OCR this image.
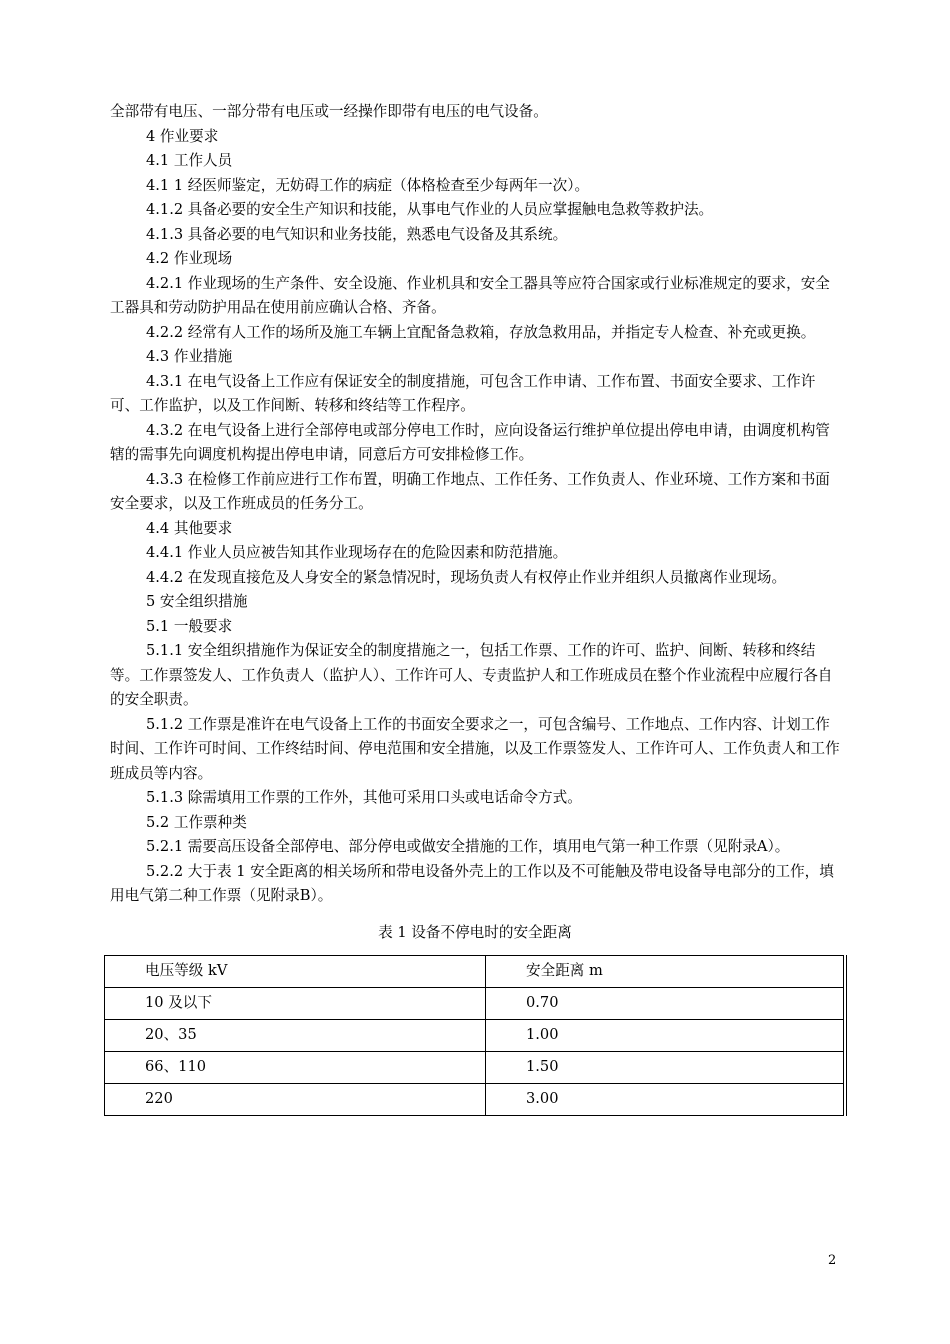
全部带有电压、一部分带有电压或一经操作即带有电压的电气设备。

4 作业要求

4.1 工作人员

4.1 1 经医师鉴定，无妨碍工作的病症（体格检查至少每两年一次）。

4.1.2 具备必要的安全生产知识和技能，从事电气作业的人员应掌握触电急救等救护法。

4.1.3 具备必要的电气知识和业务技能，熟悉电气设备及其系统。

4.2 作业现场

4.2.1 作业现场的生产条件、安全设施、作业机具和安全工器具等应符合国家或行业标准规定的要求，安全工器具和劳动防护用品在使用前应确认合格、齐备。

4.2.2 经常有人工作的场所及施工车辆上宜配备急救箱，存放急救用品，并指定专人检查、补充或更换。

4.3 作业措施

4.3.1 在电气设备上工作应有保证安全的制度措施，可包含工作申请、工作布置、书面安全要求、工作许可、工作监护，以及工作间断、转移和终结等工作程序。

4.3.2 在电气设备上进行全部停电或部分停电工作时，应向设备运行维护单位提出停电申请，由调度机构管辖的需事先向调度机构提出停电申请，同意后方可安排检修工作。

4.3.3 在检修工作前应进行工作布置，明确工作地点、工作任务、工作负责人、作业环境、工作方案和书面安全要求，以及工作班成员的任务分工。

4.4 其他要求

4.4.1 作业人员应被告知其作业现场存在的危险因素和防范措施。

4.4.2 在发现直接危及人身安全的紧急情况时，现场负责人有权停止作业并组织人员撤离作业现场。

5 安全组织措施

5.1 一般要求

5.1.1 安全组织措施作为保证安全的制度措施之一，包括工作票、工作的许可、监护、间断、转移和终结等。工作票签发人、工作负责人（监护人）、工作许可人、专责监护人和工作班成员在整个作业流程中应履行各自的安全职责。

5.1.2 工作票是准许在电气设备上工作的书面安全要求之一，可包含编号、工作地点、工作内容、计划工作时间、工作许可时间、工作终结时间、停电范围和安全措施，以及工作票签发人、工作许可人、工作负责人和工作班成员等内容。

5.1.3 除需填用工作票的工作外，其他可采用口头或电话命令方式。

5.2 工作票种类

5.2.1 需要高压设备全部停电、部分停电或做安全措施的工作，填用电气第一种工作票（见附录A）。

5.2.2 大于表 1 安全距离的相关场所和带电设备外壳上的工作以及不可能触及带电设备导电部分的工作，填用电气第二种工作票（见附录B）。

表 1 设备不停电时的安全距离
电压等级 kV	安全距离 m
10 及以下	0.70
20、35	1.00
66、110	1.50
220	3.00
2
